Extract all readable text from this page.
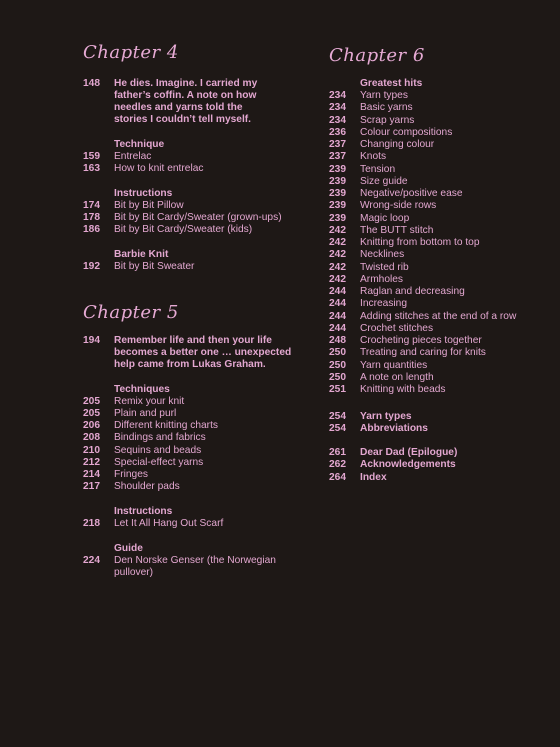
Chapter 4
148 He dies. Imagine. I carried my
father’s coffin. A note on how
needles and yarns told the
stories I couldn’t tell myself.
Technique
159 Entrelac
163 How to knit entrelac
Instructions
174 Bit by Bit Pillow
178 Bit by Bit Cardy/Sweater (grown-ups)
186 Bit by Bit Cardy/Sweater (kids)
Barbie Knit
192 Bit by Bit Sweater
Chapter 5
194 Remember life and then your life
becomes a better one … unexpected
help came from Lukas Graham.
Techniques
205 Remix your knit
205 Plain and purl
206 Different knitting charts
208 Bindings and fabrics
210 Sequins and beads
212 Special-effect yarns
214 Fringes
217 Shoulder pads
Instructions
218 Let It All Hang Out Scarf
Guide
224 Den Norske Genser (the Norwegian
pullover)
Chapter 6
Greatest hits
234 Yarn types
234 Basic yarns
234 Scrap yarns
236 Colour compositions
237 Changing colour
237 Knots
239 Tension
239 Size guide
239 Negative/positive ease
239 Wrong-side rows
239 Magic loop
242 The BUTT stitch
242 Knitting from bottom to top
242 Necklines
242 Twisted rib
242 Armholes
244 Raglan and decreasing
244 Increasing
244 Adding stitches at the end of a row
244 Crochet stitches
248 Crocheting pieces together
250 Treating and caring for knits
250 Yarn quantities
250 A note on length
251 Knitting with beads
254 Yarn types
254 Abbreviations
261 Dear Dad (Epilogue)
262 Acknowledgements
264 Index
